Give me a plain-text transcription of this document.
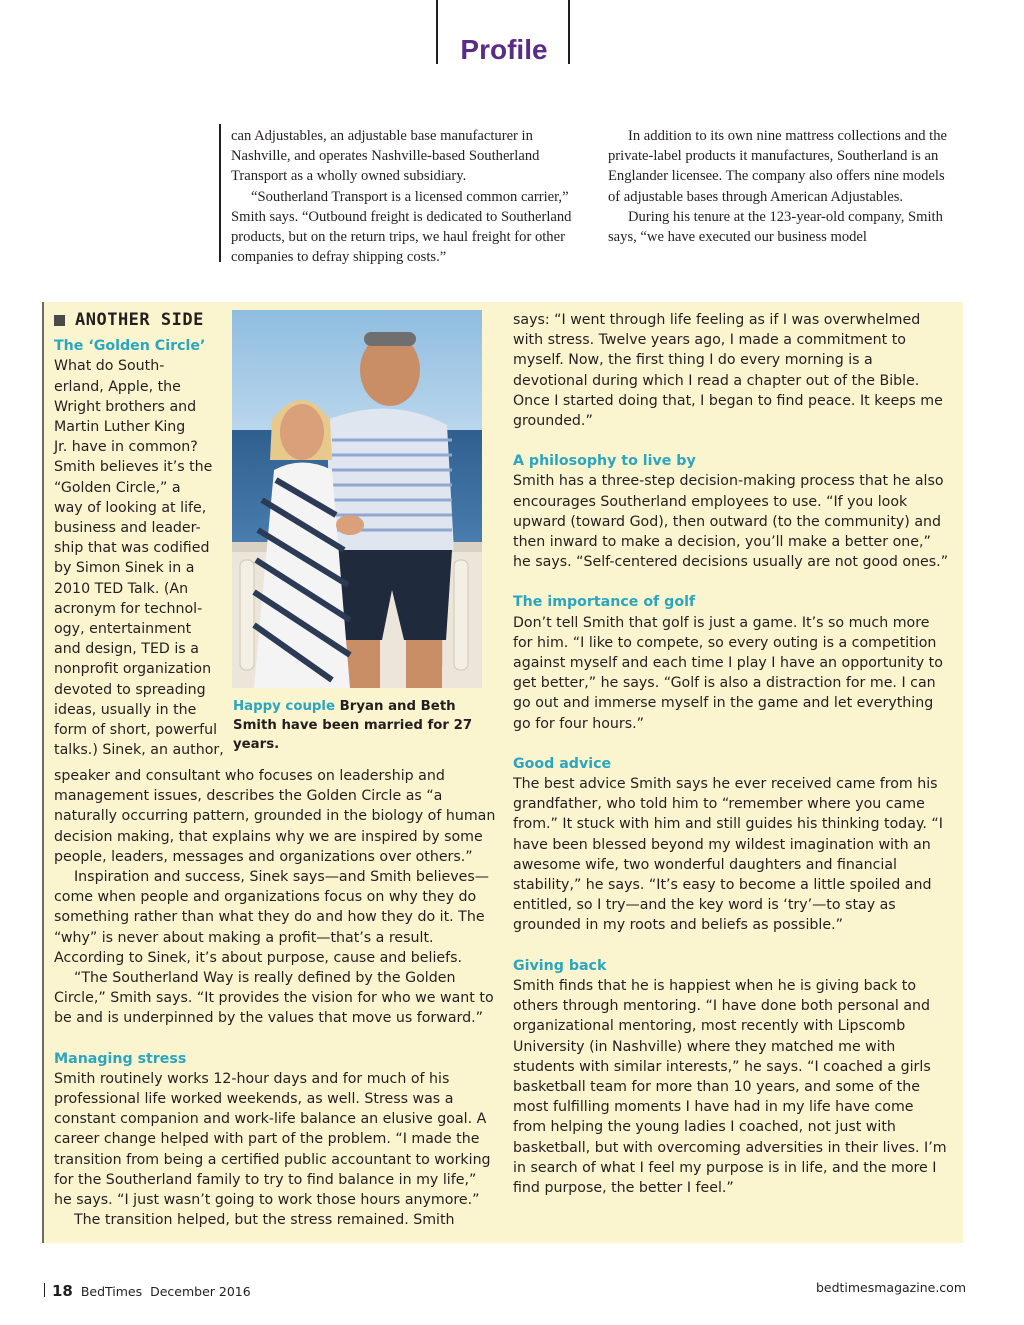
Profile

can Adjustables, an adjustable base manufacturer in Nashville, and operates Nashville-based Southerland Transport as a wholly owned subsidiary.

“Southerland Transport is a licensed common carrier,” Smith says. “Outbound freight is dedicated to Southerland products, but on the return trips, we haul freight for other companies to defray shipping costs.”

In addition to its own nine mattress collections and the private-label products it manufactures, Southerland is an Englander licensee. The company also offers nine models of adjustable bases through American Adjustables.

During his tenure at the 123-year-old company, Smith says, “we have executed our business model

ANOTHER SIDE
The ‘Golden Circle’
What do South-
erland, Apple, the
Wright brothers and
Martin Luther King
Jr. have in common?
Smith believes it’s the
“Golden Circle,” a
way of looking at life,
business and leader-
ship that was codified
by Simon Sinek in a
2010 TED Talk. (An
acronym for technol-
ogy, entertainment
and design, TED is a
nonprofit organization
devoted to spreading
ideas, usually in the
form of short, powerful
talks.) Sinek, an author,
Happy couple Bryan and Beth Smith have been married for 27 years.

speaker and consultant who focuses on leadership and management issues, describes the Golden Circle as “a naturally occurring pattern, grounded in the biology of human decision making, that explains why we are inspired by some people, leaders, messages and organizations over others.”

Inspiration and success, Sinek says—and Smith believes—come when people and organizations focus on why they do something rather than what they do and how they do it. The “why” is never about making a profit—that’s a result. According to Sinek, it’s about purpose, cause and beliefs.

“The Southerland Way is really defined by the Golden Circle,” Smith says. “It provides the vision for who we want to be and is underpinned by the values that move us forward.”

Managing stress

Smith routinely works 12-hour days and for much of his professional life worked weekends, as well. Stress was a constant companion and work-life balance an elusive goal. A career change helped with part of the problem. “I made the transition from being a certified public accountant to working for the Southerland family to try to find balance in my life,” he says. “I just wasn’t going to work those hours anymore.”

The transition helped, but the stress remained. Smith

says: “I went through life feeling as if I was overwhelmed with stress. Twelve years ago, I made a commitment to myself. Now, the first thing I do every morning is a devotional during which I read a chapter out of the Bible. Once I started doing that, I began to find peace. It keeps me grounded.”

A philosophy to live by

Smith has a three-step decision-making process that he also encourages Southerland employees to use. “If you look upward (toward God), then outward (to the community) and then inward to make a decision, you’ll make a better one,” he says. “Self-centered decisions usually are not good ones.”

The importance of golf

Don’t tell Smith that golf is just a game. It’s so much more for him. “I like to compete, so every outing is a competition against myself and each time I play I have an opportunity to get better,” he says. “Golf is also a distraction for me. I can go out and immerse myself in the game and let everything go for four hours.”

Good advice

The best advice Smith says he ever received came from his grandfather, who told him to “remember where you came from.” It stuck with him and still guides his thinking today. “I have been blessed beyond my wildest imagination with an awesome wife, two wonderful daughters and financial stability,” he says. “It’s easy to become a little spoiled and entitled, so I try—and the key word is ‘try’—to stay as grounded in my roots and beliefs as possible.”

Giving back

Smith finds that he is happiest when he is giving back to others through mentoring. “I have done both personal and organizational mentoring, most recently with Lipscomb University (in Nashville) where they matched me with students with similar interests,” he says. “I coached a girls basketball team for more than 10 years, and some of the most fulfilling moments I have had in my life have come from helping the young ladies I coached, not just with basketball, but with overcoming adversities in their lives. I’m in search of what I feel my purpose is in life, and the more I find purpose, the better I feel.”

18 BedTimes December 2016	bedtimesmagazine.com
